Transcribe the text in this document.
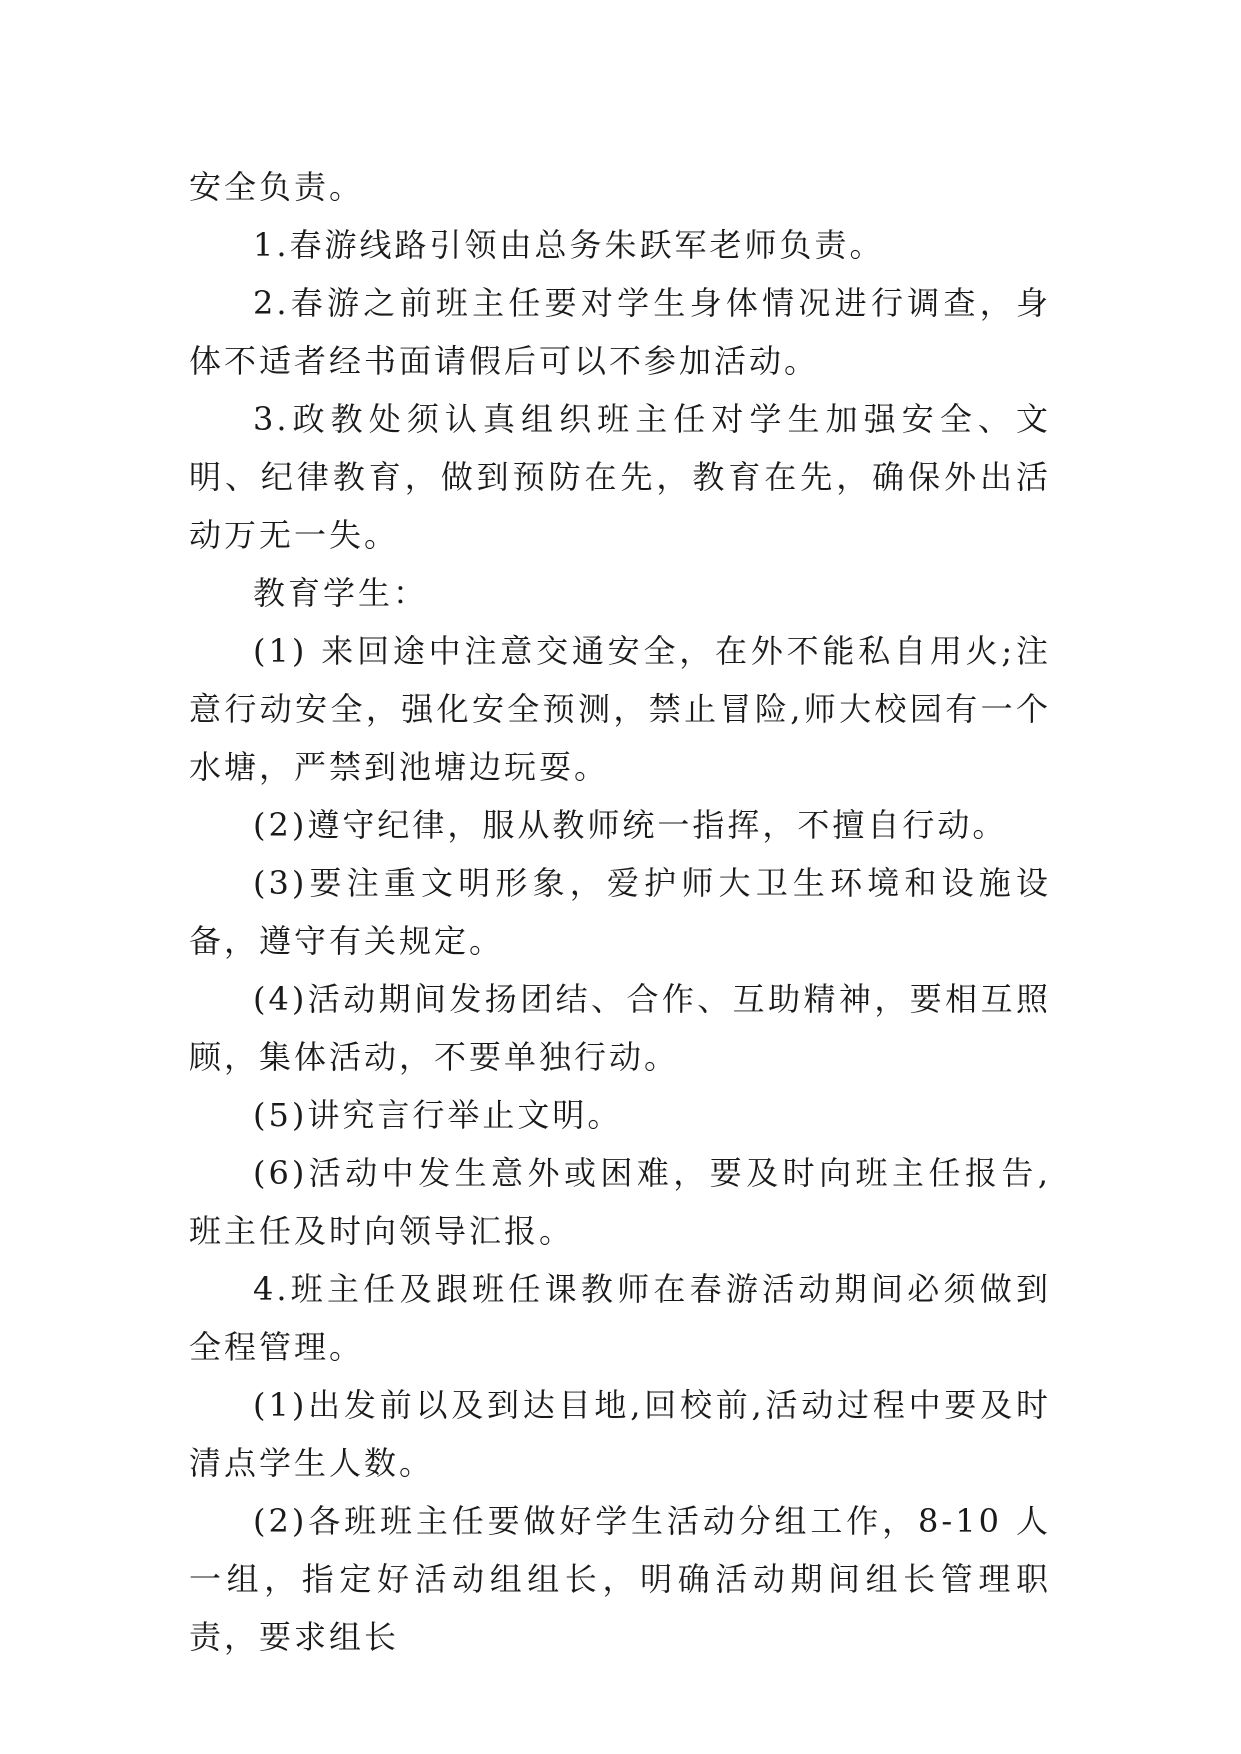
安全负责。

1.春游线路引领由总务朱跃军老师负责。

2.春游之前班主任要对学生身体情况进行调查，身体不适者经书面请假后可以不参加活动。

3.政教处须认真组织班主任对学生加强安全、文明、纪律教育，做到预防在先，教育在先，确保外出活动万无一失。

教育学生：

(1) 来回途中注意交通安全，在外不能私自用火;注意行动安全，强化安全预测，禁止冒险,师大校园有一个水塘，严禁到池塘边玩耍。

(2)遵守纪律，服从教师统一指挥，不擅自行动。

(3)要注重文明形象，爱护师大卫生环境和设施设备，遵守有关规定。

(4)活动期间发扬团结、合作、互助精神，要相互照顾，集体活动，不要单独行动。

(5)讲究言行举止文明。

(6)活动中发生意外或困难，要及时向班主任报告,班主任及时向领导汇报。

4.班主任及跟班任课教师在春游活动期间必须做到全程管理。

(1)出发前以及到达目地,回校前,活动过程中要及时清点学生人数。

(2)各班班主任要做好学生活动分组工作，8-10 人一组，指定好活动组组长，明确活动期间组长管理职责，要求组长
